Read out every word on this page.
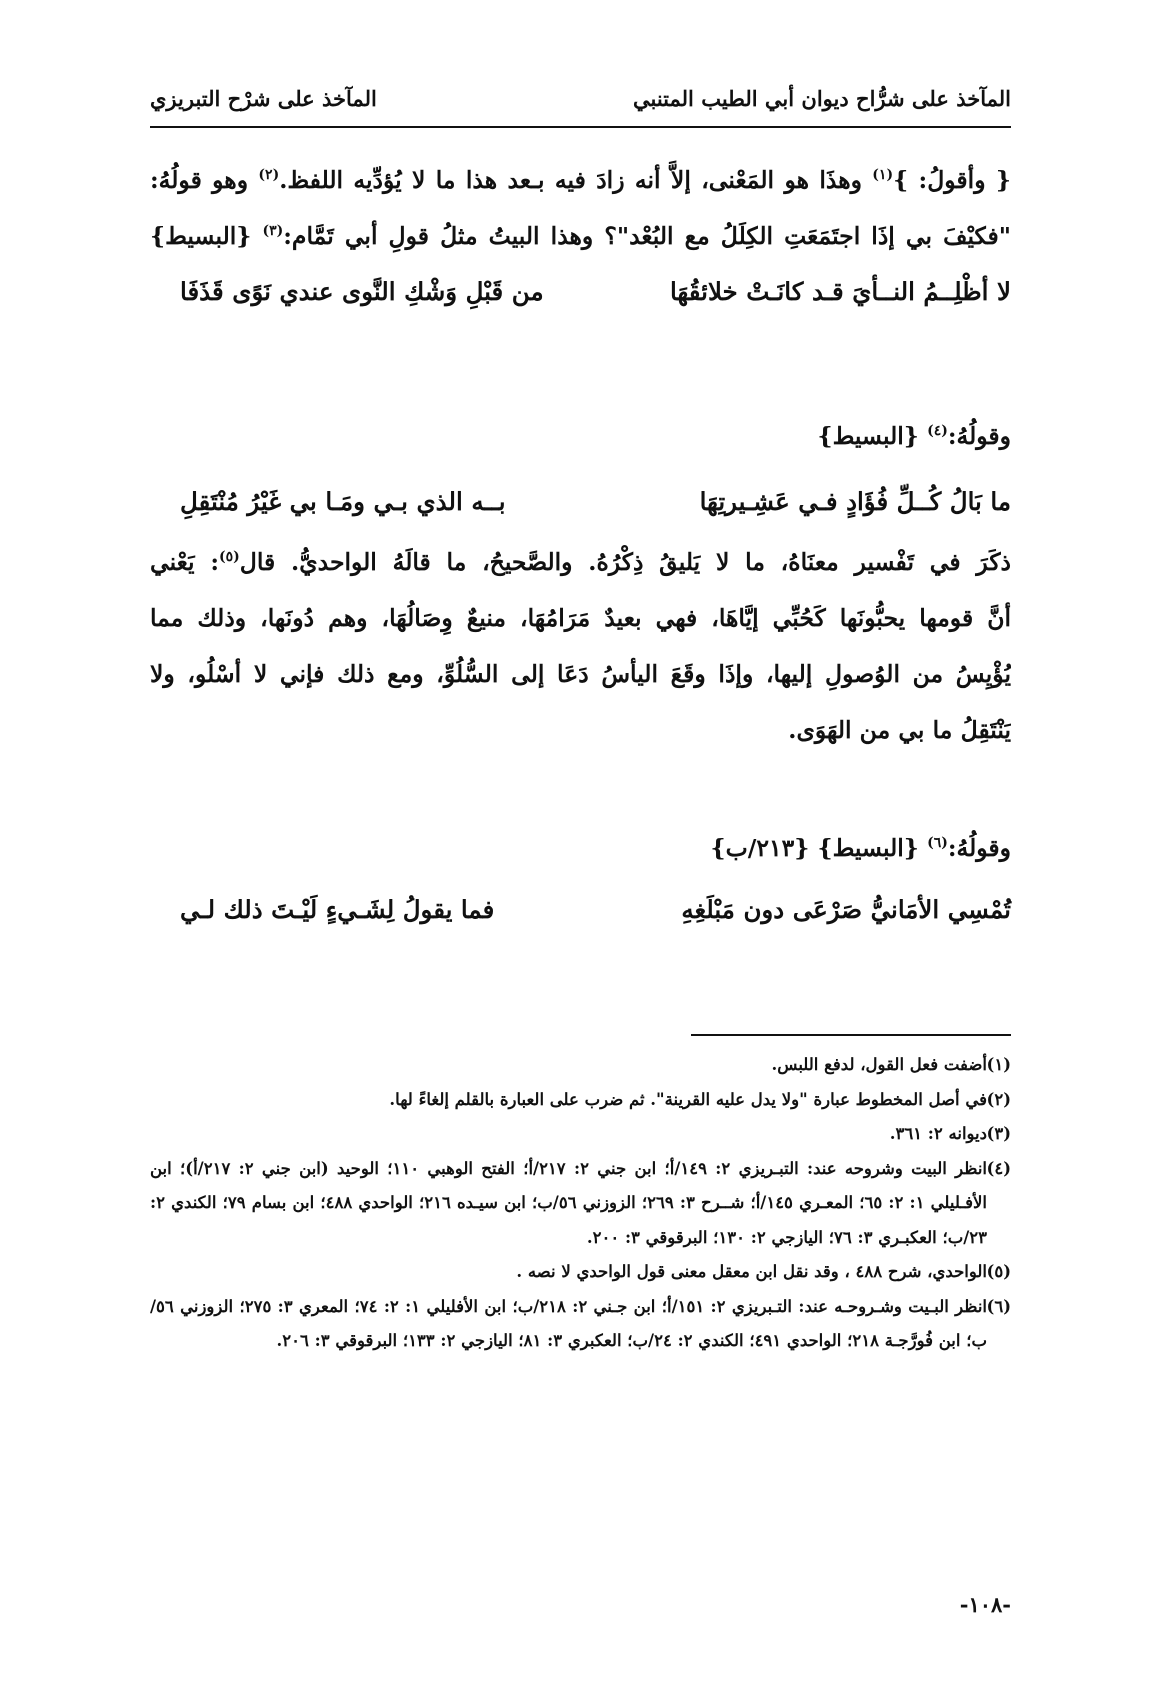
المآخذ على شرُّاح ديوان أبي الطيب المتنبي
المآخذ على شرْح التبريزي
{ وأقولُ: }$^{(١)}$ وهذَا هو المَعْنى، إلاَّ أنه زادَ فيه بـعد هذا ما لا يُؤدِّيه اللفظ.$^{(٢)}$ وهو قولُهُ:
"فكيْفَ بي إذَا اجتَمَعَتِ الكِلَلُ مع البُعْد"؟ وهذا البيتُ مثلُ قولِ أبي تَمَّام:$^{(٣)}$ {البسيط}
لا أظْلِــمُ النــأيَ قـد كانَـتْ خلائقُهَا
من قَبْلِ وَشْكِ النَّوى عندي نَوًى قَذَفَا
وقولُهُ:$^{(٤)}$ {البسيط}
ما بَالُ كُــلِّ فُؤَادٍ فـي عَشِـيرتِهَا
بــه الذي بـي ومَـا بي غَيْرُ مُنْتَقِلِ
ذكَرَ في تَفْسير معنَاهُ، ما لا يَليقُ ذِكْرُهُ. والصَّحيحُ، ما قالَهُ الواحديُّ. قال$^{(٥)}$: يَعْني
أنَّ قومها يحبُّونَها كَحُبِّي إيَّاهَا، فهي بعيدٌ مَرَامُهَا، منيعٌ وِصَالُهَا، وهم دُونَها، وذلك مما
يُؤْيِسُ من الوُصولِ إليها، وإذَا وقَعَ اليأسُ دَعَا إلى السُّلُوِّ، ومع ذلك فإني لا أسْلُو، ولا
يَنْتَقِلُ ما بي من الهَوَى.
وقولُهُ:$^{(٦)}$ {البسيط} {٢١٣/ب}
تُمْسِي الأمَانيُّ صَرْعَى دون مَبْلَغِهِ
فما يقولُ لِشَـيءٍ لَيْـتَ ذلك لـي
(١)
أضفت فعل القول، لدفع اللبس.
(٢)
في أصل المخطوط عبارة "ولا يدل عليه القرينة". ثم ضرب على العبارة بالقلم إلغاءً لها.
(٣)
ديوانه ٢: ٣٦١.
(٤)
انظر البيت وشروحه عند: التبـريزي ٢: ١٤٩/أ؛ ابن جني ٢: ٢١٧/أ؛ الفتح الوهبي ١١٠؛ الوحيد (ابن جني ٢: ٢١٧/أ)؛ ابن الأفـليلي ١: ٢: ٦٥؛ المعـري ١٤٥/أ؛ شــرح ٣: ٢٦٩؛ الزوزني ٥٦/ب؛ ابن سيـده ٢١٦؛ الواحدي ٤٨٨؛ ابن بسام ٧٩؛ الكندي ٢: ٢٣/ب؛ العكبـري ٣: ٧٦؛ اليازجي ٢: ١٣٠؛ البرقوقي ٣: ٢٠٠.
(٥)
الواحدي، شرح ٤٨٨ ، وقد نقل ابن معقل معنى قول الواحدي لا نصه .
(٦)
انظر البـيت وشـروحـه عند: التـبريزي ٢: ١٥١/أ؛ ابن جـني ٢: ٢١٨/ب؛ ابن الأفليلي ١: ٢: ٧٤؛ المعري ٣: ٢٧٥؛ الزوزني ٥٦/ب؛ ابن فُورَّجـة ٢١٨؛ الواحدي ٤٩١؛ الكندي ٢: ٢٤/ب؛ العكبري ٣: ٨١؛ اليازجي ٢: ١٣٣؛ البرقوقي ٣: ٢٠٦.
-١٠٨-
